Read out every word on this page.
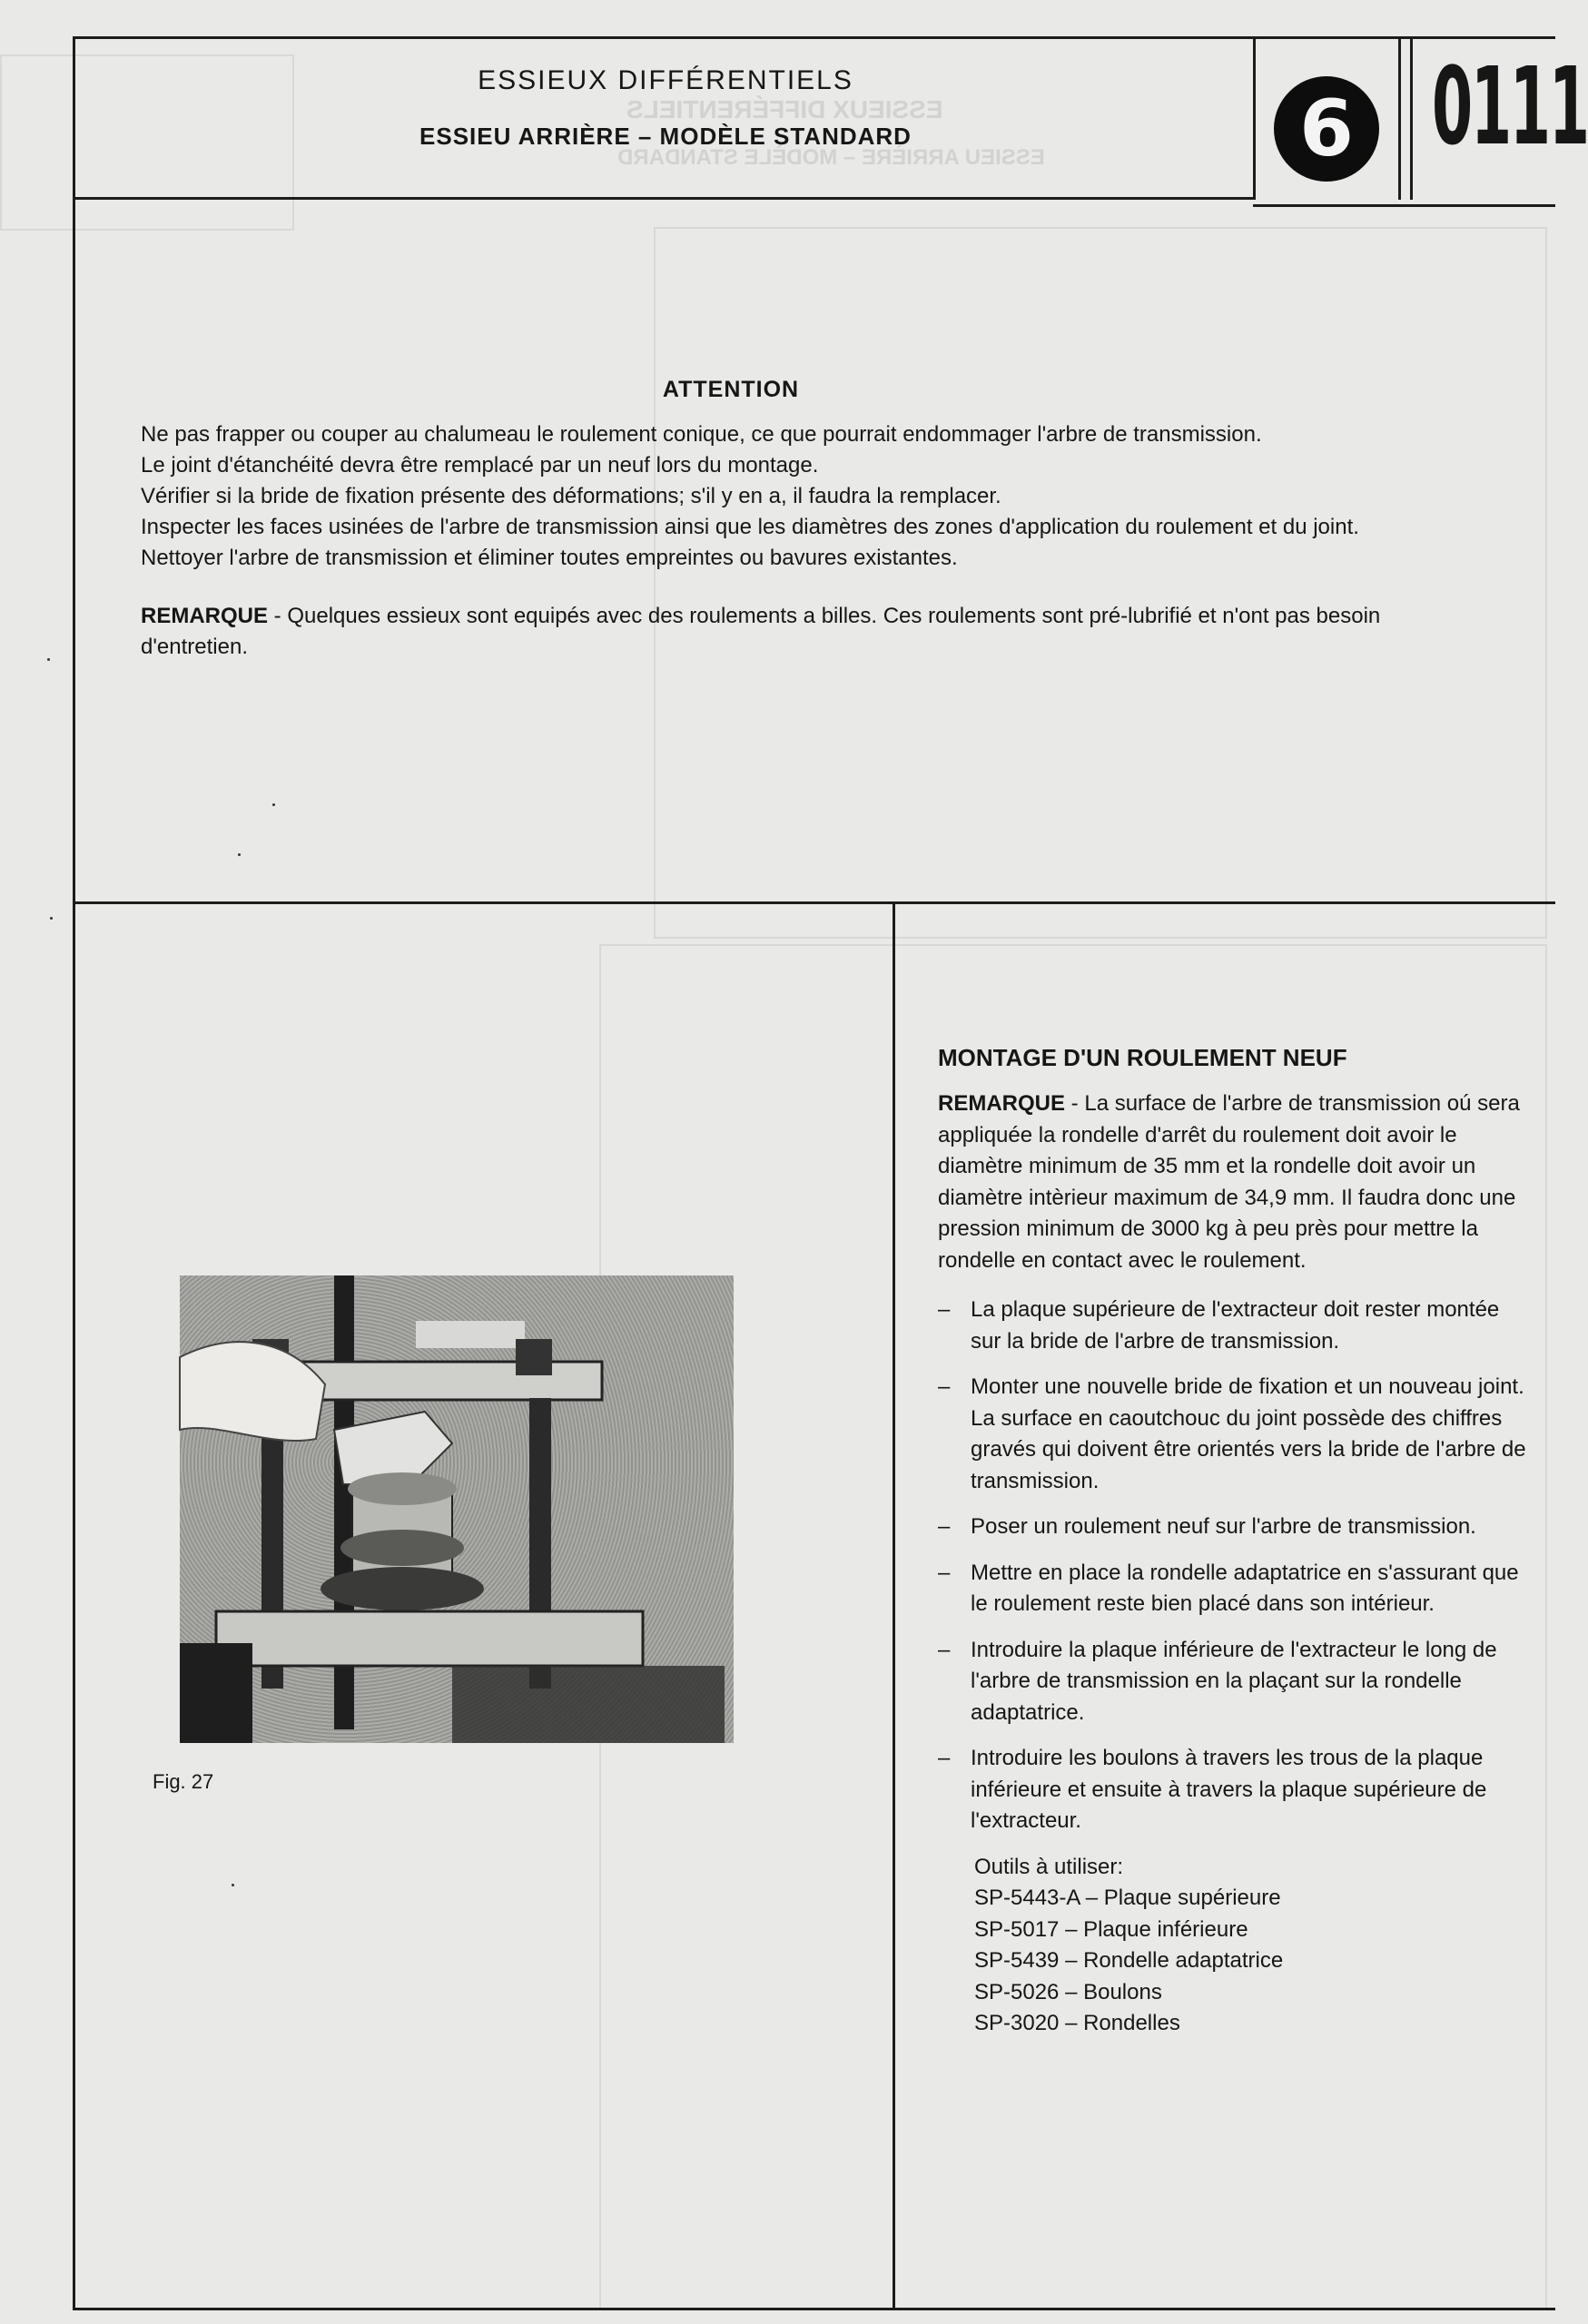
ESSIEUX DIFFÉRENTIELS
ESSIEU ARRIÈRE – MODÈLE STANDARD
ESSIEUX DIFFÉRENTIELS
ESSIEU ARRIÈRE – MODÈLE STANDARD	6 0111
ATTENTION

Ne pas frapper ou couper au chalumeau le roulement conique, ce que pourrait endommager l'arbre de transmission.

Le joint d'étanchéité devra être remplacé par un neuf lors du montage.

Vérifier si la bride de fixation présente des déformations; s'il y en a, il faudra la remplacer.

Inspecter les faces usinées de l'arbre de transmission ainsi que les diamètres des zones d'application du roulement et du joint.

Nettoyer l'arbre de transmission et éliminer toutes empreintes ou bavures existantes.

REMARQUE - Quelques essieux sont equipés avec des roulements a billes. Ces roulements sont pré-lubrifié et n'ont pas besoin d'entretien.

Fig. 27
MONTAGE D'UN ROULEMENT NEUF

REMARQUE - La surface de l'arbre de transmission oú sera appliquée la rondelle d'arrêt du roulement doit avoir le diamètre minimum de 35 mm et la rondelle doit avoir un diamètre intèrieur maximum de 34,9 mm. Il faudra donc une pression minimum de 3000 kg à peu près pour mettre la rondelle en contact avec le roulement.

– La plaque supérieure de l'extracteur doit rester montée sur la bride de l'arbre de transmission.
– Monter une nouvelle bride de fixation et un nouveau joint. La surface en caoutchouc du joint possède des chiffres gravés qui doivent être orientés vers la bride de l'arbre de transmission.
– Poser un roulement neuf sur l'arbre de transmission.
– Mettre en place la rondelle adaptatrice en s'assurant que le roulement reste bien placé dans son intérieur.
– Introduire la plaque inférieure de l'extracteur le long de l'arbre de transmission en la plaçant sur la rondelle adaptatrice.
– Introduire les boulons à travers les trous de la plaque inférieure et ensuite à travers la plaque supérieure de l'extracteur.
Outils à utiliser:
SP-5443-A – Plaque supérieure
SP-5017 – Plaque inférieure
SP-5439 – Rondelle adaptatrice
SP-5026 – Boulons
SP-3020 – Rondelles
